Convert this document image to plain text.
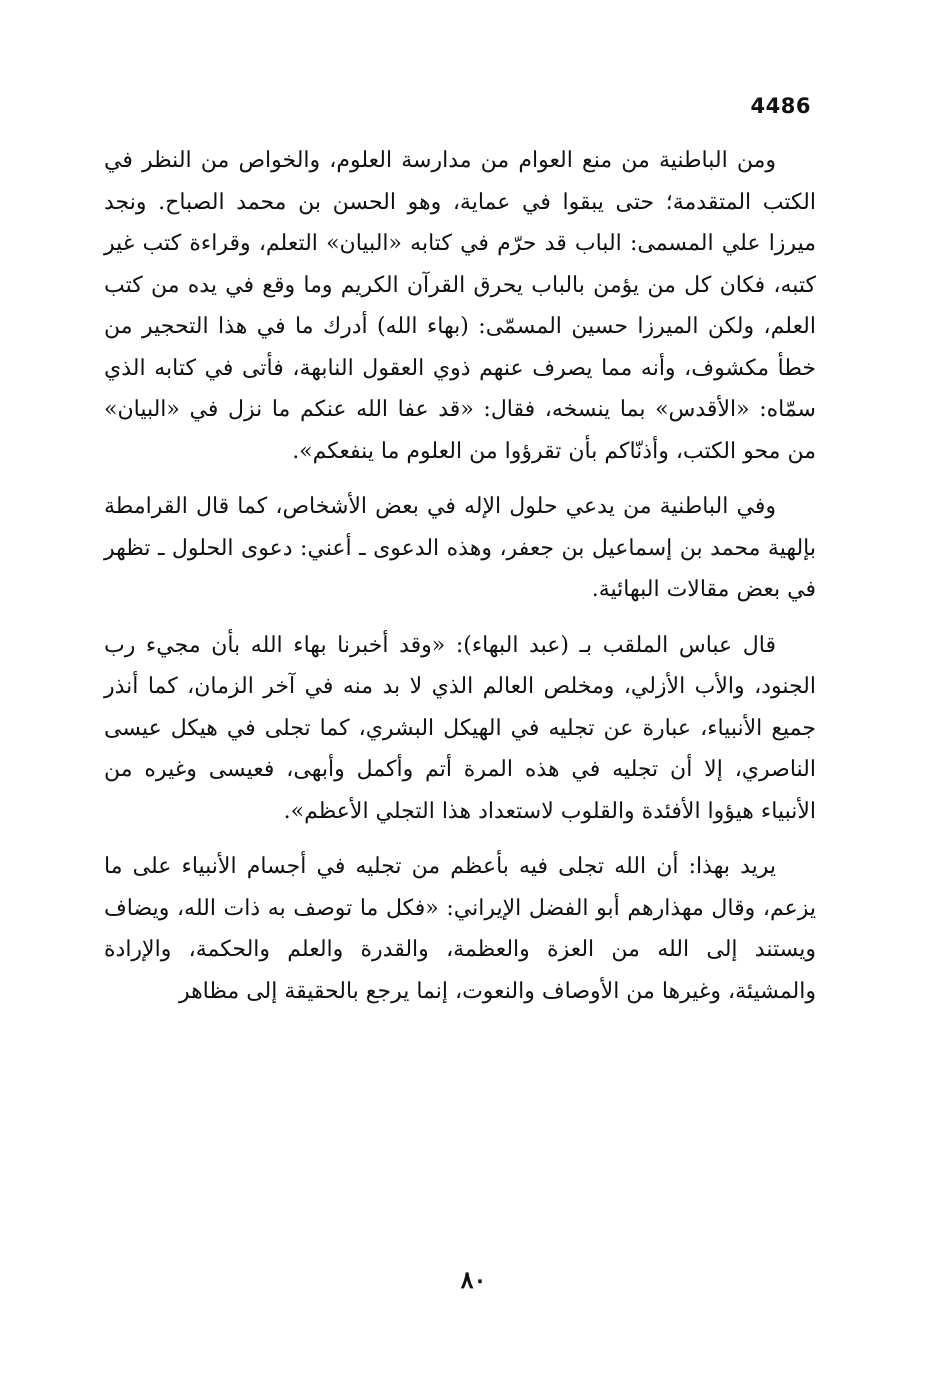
4486

ومن الباطنية من منع العوام من مدارسة العلوم، والخواص من النظر في الكتب المتقدمة؛ حتى يبقوا في عماية، وهو الحسن بن محمد الصباح. ونجد ميرزا علي المسمى: الباب قد حرّم في كتابه «البيان» التعلم، وقراءة كتب غير كتبه، فكان كل من يؤمن بالباب يحرق القرآن الكريم وما وقع في يده من كتب العلم، ولكن الميرزا حسين المسمّى: (بهاء الله) أدرك ما في هذا التحجير من خطأ مكشوف، وأنه مما يصرف عنهم ذوي العقول النابهة، فأتى في كتابه الذي سمّاه: «الأقدس» بما ينسخه، فقال: «قد عفا الله عنكم ما نزل في «البيان» من محو الكتب، وأذنّاكم بأن تقرؤوا من العلوم ما ينفعكم».

وفي الباطنية من يدعي حلول الإله في بعض الأشخاص، كما قال القرامطة بإلهية محمد بن إسماعيل بن جعفر، وهذه الدعوى ـ أعني: دعوى الحلول ـ تظهر في بعض مقالات البهائية.

قال عباس الملقب بـ (عبد البهاء): «وقد أخبرنا بهاء الله بأن مجيء رب الجنود، والأب الأزلي، ومخلص العالم الذي لا بد منه في آخر الزمان، كما أنذر جميع الأنبياء، عبارة عن تجليه في الهيكل البشري، كما تجلى في هيكل عيسى الناصري، إلا أن تجليه في هذه المرة أتم وأكمل وأبهى، فعيسى وغيره من الأنبياء هيؤوا الأفئدة والقلوب لاستعداد هذا التجلي الأعظم».

يريد بهذا: أن الله تجلى فيه بأعظم من تجليه في أجسام الأنبياء على ما يزعم، وقال مهذارهم أبو الفضل الإيراني: «فكل ما توصف به ذات الله، ويضاف ويستند إلى الله من العزة والعظمة، والقدرة والعلم والحكمة، والإرادة والمشيئة، وغيرها من الأوصاف والنعوت، إنما يرجع بالحقيقة إلى مظاهر

٨٠
